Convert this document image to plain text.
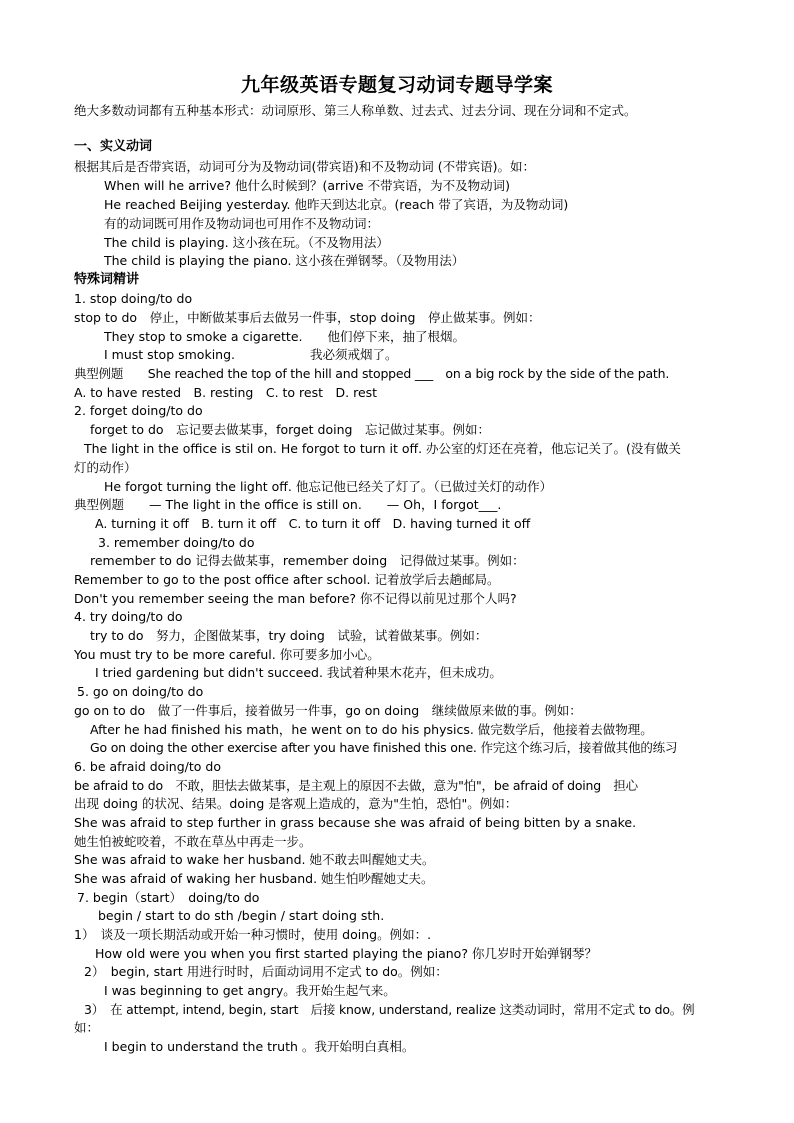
九年级英语专题复习动词专题导学案
绝大多数动词都有五种基本形式：动词原形、第三人称单数、过去式、过去分词、现在分词和不定式。
一、实义动词
根据其后是否带宾语，动词可分为及物动词(带宾语)和不及物动词 (不带宾语)。如：
When will he arrive? 他什么时候到？(arrive 不带宾语，为不及物动词)
He reached Beijing yesterday. 他昨天到达北京。(reach 带了宾语，为及物动词)
有的动词既可用作及物动词也可用作不及物动词：
The child is playing. 这小孩在玩。（不及物用法）
The child is playing the piano. 这小孩在弹钢琴。（及物用法）
特殊词精讲
1. stop doing/to do
stop to do　停止，中断做某事后去做另一件事，stop doing　停止做某事。例如：
They stop to smoke a cigarette.　　他们停下来，抽了根烟。
I must stop smoking.　　　　　　我必须戒烟了。
典型例题　　She reached the top of the hill and stopped ___　on a big rock by the side of the path.
A. to have rested　B. resting　C. to rest　D. rest
2. forget doing/to do
forget to do　忘记要去做某事，forget doing　忘记做过某事。例如：
The light in the office is stil on. He forgot to turn it off. 办公室的灯还在亮着，他忘记关了。(没有做关
灯的动作）
He forgot turning the light off. 他忘记他已经关了灯了。（已做过关灯的动作）
典型例题　　— The light in the office is still on.　　— Oh，I forgot___.
A. turning it off　B. turn it off　C. to turn it off　D. having turned it off
3. remember doing/to do
remember to do 记得去做某事，remember doing　记得做过某事。例如：
Remember to go to the post office after school. 记着放学后去趟邮局。
Don't you remember seeing the man before? 你不记得以前见过那个人吗?
4. try doing/to do
try to do　努力，企图做某事，try doing　试验，试着做某事。例如：
You must try to be more careful. 你可要多加小心。
I tried gardening but didn't succeed. 我试着种果木花卉，但未成功。
5. go on doing/to do
go on to do　做了一件事后，接着做另一件事，go on doing　继续做原来做的事。例如：
After he had finished his math，he went on to do his physics. 做完数学后，他接着去做物理。
Go on doing the other exercise after you have finished this one. 作完这个练习后，接着做其他的练习
6. be afraid doing/to do
be afraid to do　不敢，胆怯去做某事，是主观上的原因不去做，意为"怕"，be afraid of doing　担心
出现 doing 的状况、结果。doing 是客观上造成的，意为"生怕，恐怕"。例如：
She was afraid to step further in grass because she was afraid of being bitten by a snake.
她生怕被蛇咬着，不敢在草丛中再走一步。
She was afraid to wake her husband. 她不敢去叫醒她丈夫。
She was afraid of waking her husband. 她生怕吵醒她丈夫。
7. begin（start）　doing/to do
begin / start to do sth /begin / start doing sth.
1）　谈及一项长期活动或开始一种习惯时，使用 doing。例如：.
How old were you when you first started playing the piano? 你几岁时开始弹钢琴？
2）　begin, start 用进行时时，后面动词用不定式 to do。例如：
I was beginning to get angry。我开始生起气来。
3）　在 attempt, intend, begin, start　后接 know, understand, realize 这类动词时，常用不定式 to do。例
如：
I begin to understand the truth 。我开始明白真相。
